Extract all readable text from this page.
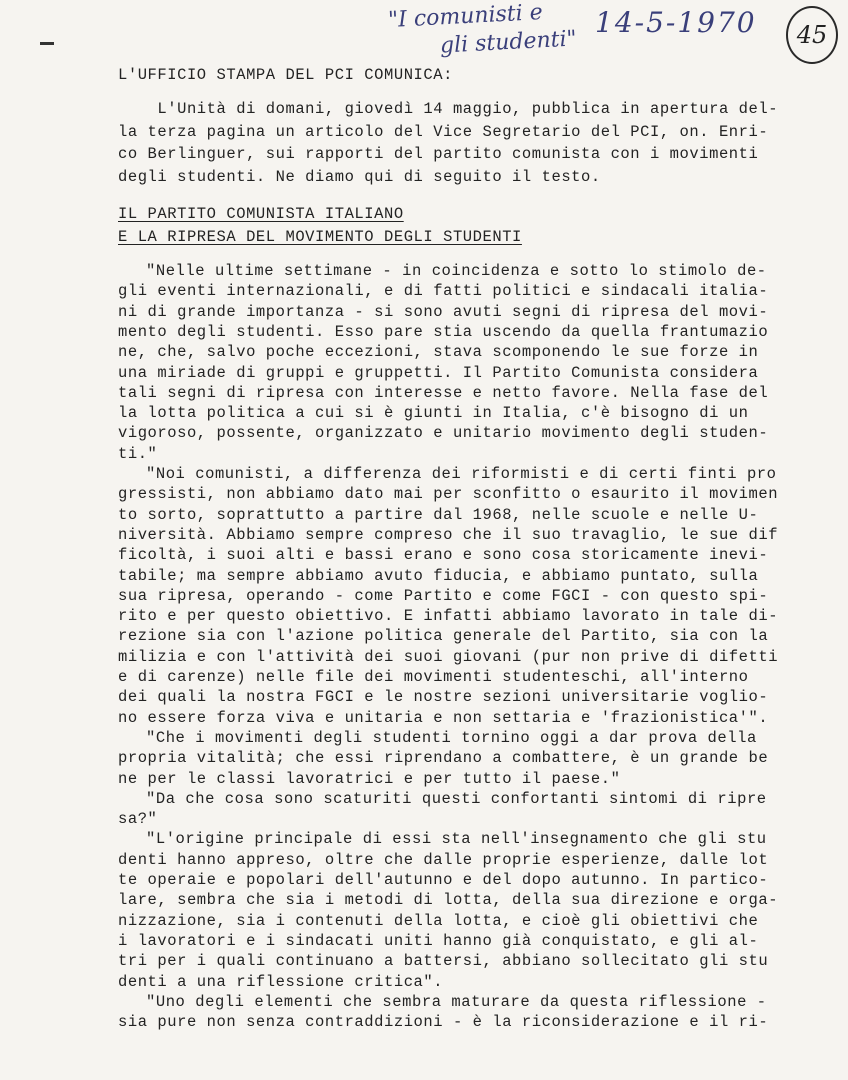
"I comunisti e
gli studenti"
14-5-1970	45
L'UFFICIO STAMPA DEL PCI COMUNICA:
L'Unità di domani, giovedì 14 maggio, pubblica in apertura del-
la terza pagina un articolo del Vice Segretario del PCI, on. Enri-
co Berlinguer, sui rapporti del partito comunista con i movimenti
degli studenti. Ne diamo qui di seguito il testo.
IL PARTITO COMUNISTA ITALIANO
E LA RIPRESA DEL MOVIMENTO DEGLI STUDENTI
"Nelle ultime settimane - in coincidenza e sotto lo stimolo de-
gli eventi internazionali, e di fatti politici e sindacali italia-
ni di grande importanza - si sono avuti segni di ripresa del movi-
mento degli studenti. Esso pare stia uscendo da quella frantumazio
ne, che, salvo poche eccezioni, stava scomponendo le sue forze in
una miriade di gruppi e gruppetti. Il Partito Comunista considera
tali segni di ripresa con interesse e netto favore. Nella fase del
la lotta politica a cui si è giunti in Italia, c'è bisogno di un
vigoroso, possente, organizzato e unitario movimento degli studen-
ti."
"Noi comunisti, a differenza dei riformisti e di certi finti pro
gressisti, non abbiamo dato mai per sconfitto o esaurito il movimen
to sorto, soprattutto a partire dal 1968, nelle scuole e nelle U-
niversità. Abbiamo sempre compreso che il suo travaglio, le sue dif
ficoltà, i suoi alti e bassi erano e sono cosa storicamente inevi-
tabile; ma sempre abbiamo avuto fiducia, e abbiamo puntato, sulla
sua ripresa, operando - come Partito e come FGCI - con questo spi-
rito e per questo obiettivo. E infatti abbiamo lavorato in tale di-
rezione sia con l'azione politica generale del Partito, sia con la
milizia e con l'attività dei suoi giovani (pur non prive di difetti
e di carenze) nelle file dei movimenti studenteschi, all'interno
dei quali la nostra FGCI e le nostre sezioni universitarie voglio-
no essere forza viva e unitaria e non settaria e 'frazionistica'".
"Che i movimenti degli studenti tornino oggi a dar prova della
propria vitalità; che essi riprendano a combattere, è un grande be
ne per le classi lavoratrici e per tutto il paese."
"Da che cosa sono scaturiti questi confortanti sintomi di ripre
sa?"
"L'origine principale di essi sta nell'insegnamento che gli stu
denti hanno appreso, oltre che dalle proprie esperienze, dalle lot
te operaie e popolari dell'autunno e del dopo autunno. In partico-
lare, sembra che sia i metodi di lotta, della sua direzione e orga-
nizzazione, sia i contenuti della lotta, e cioè gli obiettivi che
i lavoratori e i sindacati uniti hanno già conquistato, e gli al-
tri per i quali continuano a battersi, abbiano sollecitato gli stu
denti a una riflessione critica".
"Uno degli elementi che sembra maturare da questa riflessione -
sia pure non senza contraddizioni - è la riconsiderazione e il ri-
